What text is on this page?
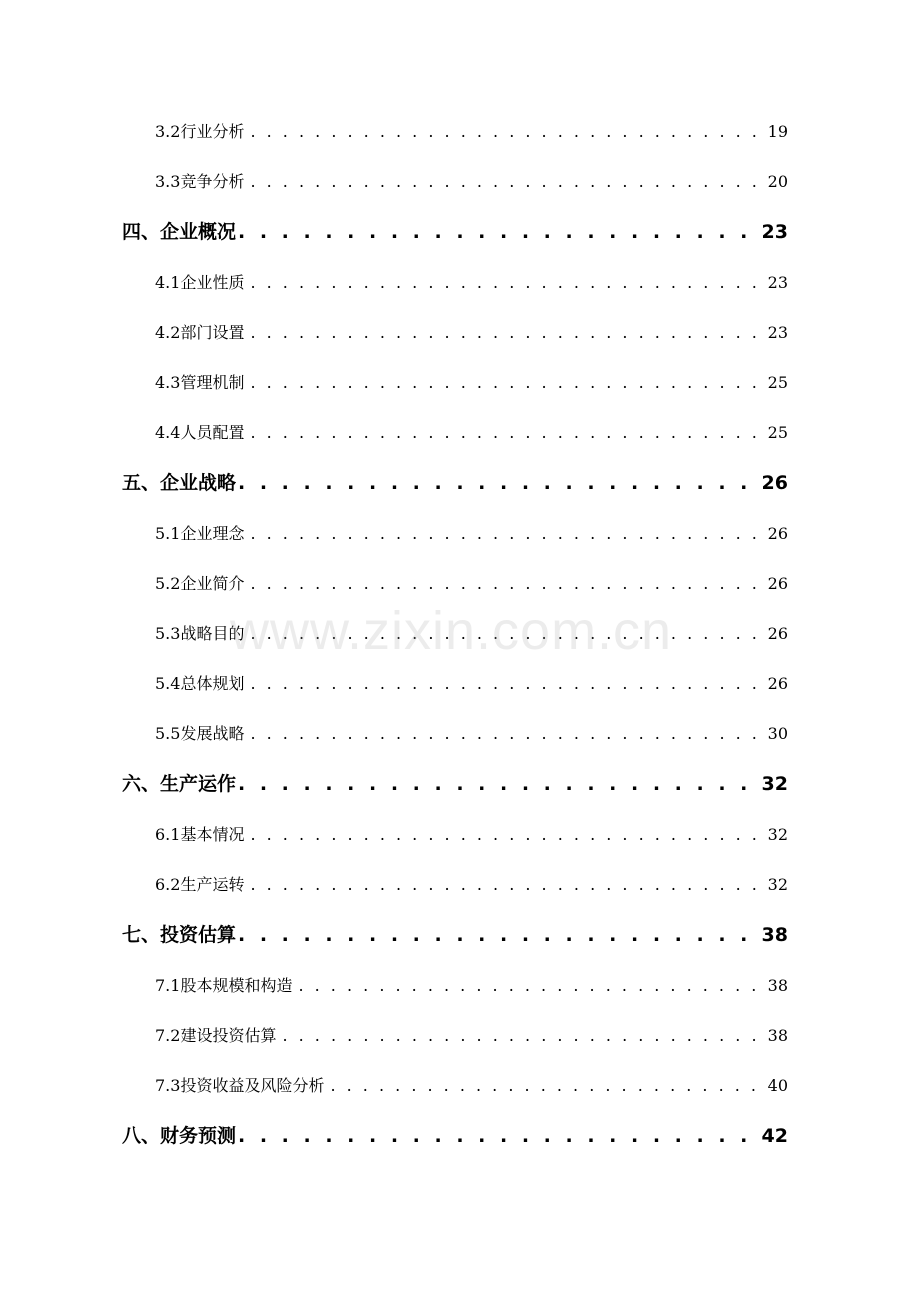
3.2行业分析 . . .	19
3.3竞争分析 . . .	20
四、企业概况 . . .	23
4.1企业性质 . . .	23
4.2部门设置 . . .	23
4.3管理机制 . . .	25
4.4人员配置 . . .	25
五、企业战略 . . .	26
5.1企业理念 . . .	26
5.2企业简介 . . .	26
5.3战略目的 . . .	26
5.4总体规划 . . .	26
5.5发展战略 . . .	30
六、生产运作 . . .	32
6.1基本情况 . . .	32
6.2生产运转 . . .	32
七、投资估算 . . .	38
7.1股本规模和构造 . . .	38
7.2建设投资估算 . . .	38
7.3投资收益及风险分析 . . .	40
八、财务预测 . . .	42
www.zixin.com.cn
